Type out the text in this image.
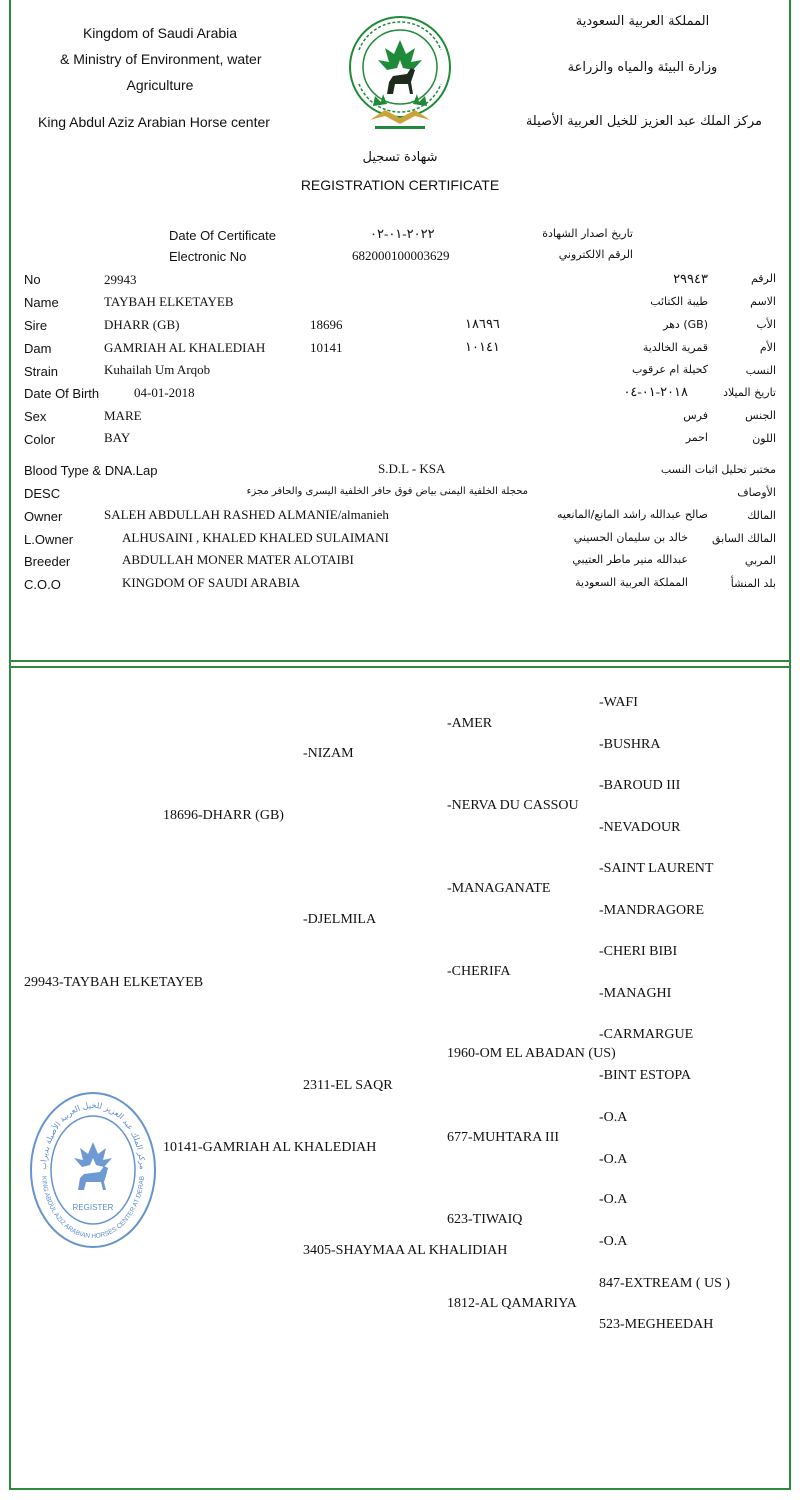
Kingdom of Saudi Arabia
& Ministry of Environment, water
Agriculture
King Abdul Aziz Arabian Horse center
المملكة العربية السعودية
وزارة البيئة والمياه والزراعة
مركز الملك عبد العزيز للخيل العربية الأصيلة
شهادة تسجيل
REGISTRATION CERTIFICATE
Date Of Certificate	٢٠٢٢-٠١-٠٢	تاريخ اصدار الشهادة
Electronic No	682000100003629	الرقم الالكتروني
No	29943	٢٩٩٤٣	الرقم
Name	TAYBAH ELKETAYEB	طيبة الكتائب	الاسم
Sire	DHARR (GB)	18696	١٨٦٩٦	(GB) دهر	الأب
Dam	GAMRIAH AL KHALEDIAH	10141	١٠١٤١	قمرية الخالدية	الأم
Strain	Kuhailah Um Arqob	كحيلة ام عرقوب	النسب
Date Of Birth	04-01-2018	٢٠١٨-٠١-٠٤	تاريخ الميلاد
Sex	MARE	فرس	الجنس
Color	BAY	احمر	اللون
Blood Type & DNA.Lap	S.D.L - KSA	مختبر تحليل اثبات النسب
DESC	محجلة الخلفية اليمنى بياض فوق حافر الخلفية اليسرى والحافر مجزء	الأوصاف
Owner	SALEH ABDULLAH RASHED ALMANIE/almanieh	صالح عبدالله راشد المانع/المانعيه	المالك
L.Owner	ALHUSAINI , KHALED KHALED SULAIMANI	خالد بن سليمان الحسيني	المالك السابق
Breeder	ABDULLAH MONER MATER ALOTAIBI	عبدالله منير ماطر العتيبي	المربي
C.O.O	KINGDOM OF SAUDI ARABIA	المملكة العربية السعودية	بلد المنشأ
29943-TAYBAH ELKETAYEB
18696-DHARR (GB)
10141-GAMRIAH AL KHALEDIAH
-NIZAM
-DJELMILA
2311-EL SAQR
3405-SHAYMAA AL KHALIDIAH
-AMER
-NERVA DU CASSOU
-MANAGANATE
-CHERIFA
1960-OM EL ABADAN (US)
677-MUHTARA III
623-TIWAIQ
1812-AL QAMARIYA
-WAFI
-BUSHRA
-BAROUD III
-NEVADOUR
-SAINT LAURENT
-MANDRAGORE
-CHERI BIBI
-MANAGHI
-CARMARGUE
-BINT ESTOPA
-O.A
-O.A
-O.A
-O.A
847-EXTREAM ( US )
523-MEGHEEDAH
مركز الملك عبد العزيز للخيل العربية الأصيلة بديراب
KING ABDUL AZIZ ARABIAN HORSES CENTER AT DERAB
REGISTER
